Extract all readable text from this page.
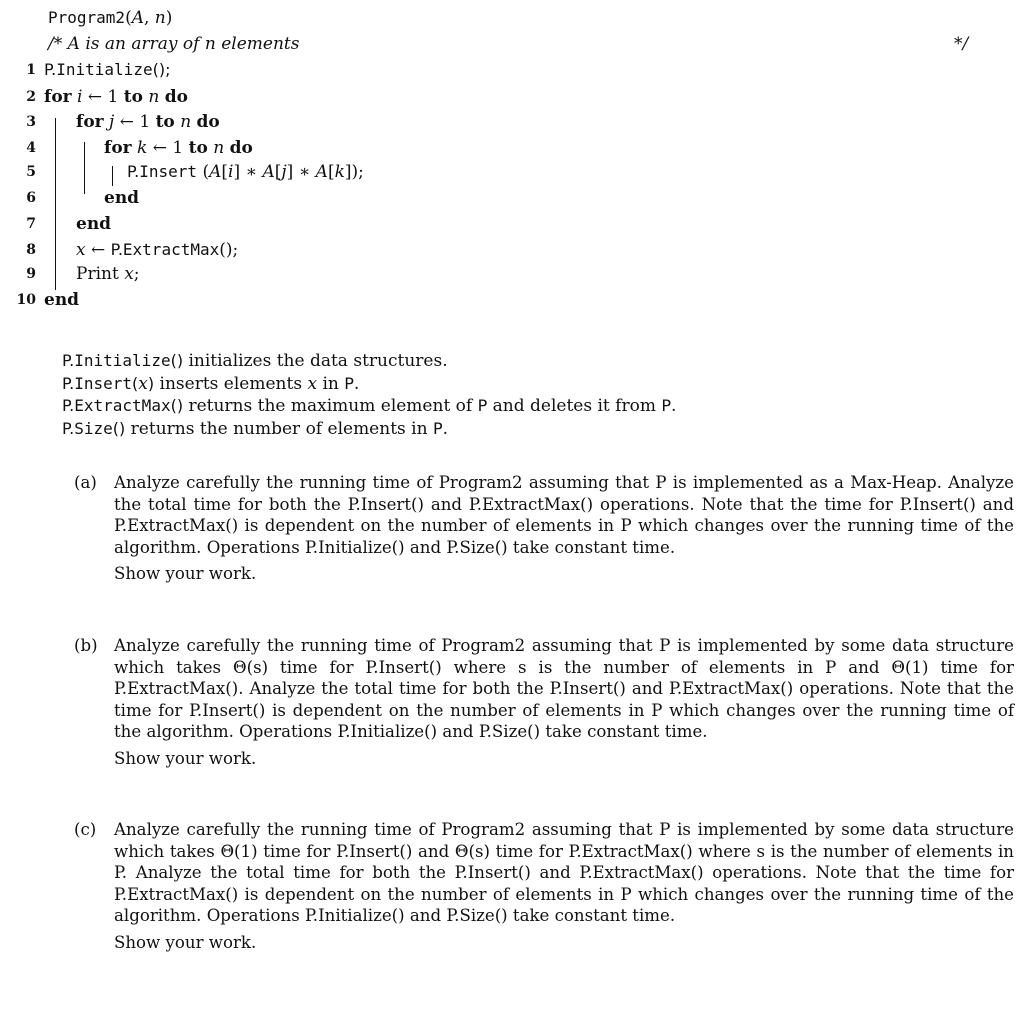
Program2(A, n)
/* A is an array of n elements	*/
1 P.Initialize();
2 for i ← 1 to n do
3 for j ← 1 to n do
4	for k ← 1 to n do
5	P.Insert (A[i] ∗ A[j] ∗ A[k]);
6	end
7 end
8 x ← P.ExtractMax();
9 Print x;
10 end
P.Initialize() initializes the data structures.
P.Insert(x) inserts elements x in P.
P.ExtractMax() returns the maximum element of P and deletes it from P.
P.Size() returns the number of elements in P.
(a) Analyze carefully the running time of Program2 assuming that P is implemented as a Max-Heap. Analyze the total time for both the P.Insert() and P.ExtractMax() operations. Note that the time for P.Insert() and P.ExtractMax() is dependent on the number of elements in P which changes over the running time of the algorithm. Operations P.Initialize() and P.Size() take constant time.
Show your work.
(b) Analyze carefully the running time of Program2 assuming that P is implemented by some data structure which takes Θ(s) time for P.Insert() where s is the number of elements in P and Θ(1) time for P.ExtractMax(). Analyze the total time for both the P.Insert() and P.ExtractMax() operations. Note that the time for P.Insert() is dependent on the number of elements in P which changes over the running time of the algorithm. Operations P.Initialize() and P.Size() take constant time.
Show your work.
(c) Analyze carefully the running time of Program2 assuming that P is implemented by some data structure which takes Θ(1) time for P.Insert() and Θ(s) time for P.ExtractMax() where s is the number of elements in P. Analyze the total time for both the P.Insert() and P.ExtractMax() operations. Note that the time for P.ExtractMax() is dependent on the number of elements in P which changes over the running time of the algorithm. Operations P.Initialize() and P.Size() take constant time.
Show your work.
